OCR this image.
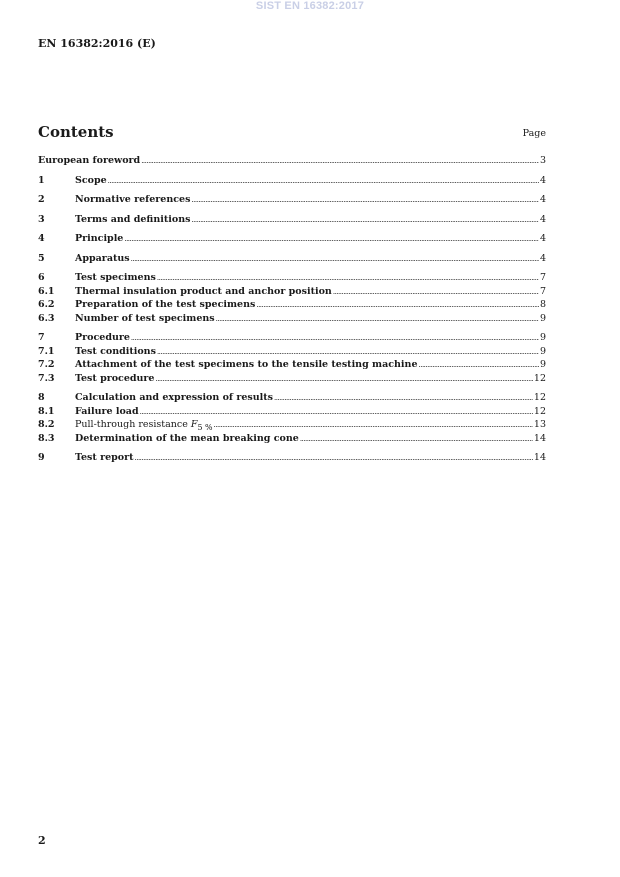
SIST EN 16382:2017
EN 16382:2016 (E)
Contents	Page
European foreword .....	3
1	Scope .....	4
2	Normative references .....	4
3	Terms and definitions .....	4
4	Principle .....	4
5	Apparatus .....	4
6	Test specimens .....	7
6.1	Thermal insulation product and anchor position .....	7
6.2	Preparation of the test specimens .....	8
6.3	Number of test specimens .....	9
7	Procedure .....	9
7.1	Test conditions .....	9
7.2	Attachment of the test specimens to the tensile testing machine .....	9
7.3	Test procedure .....	12
8	Calculation and expression of results .....	12
8.1	Failure load .....	12
8.2	Pull-through resistance $F_{5 \%}$ .....	13
8.3	Determination of the mean breaking cone .....	14
9	Test report .....	14
2
